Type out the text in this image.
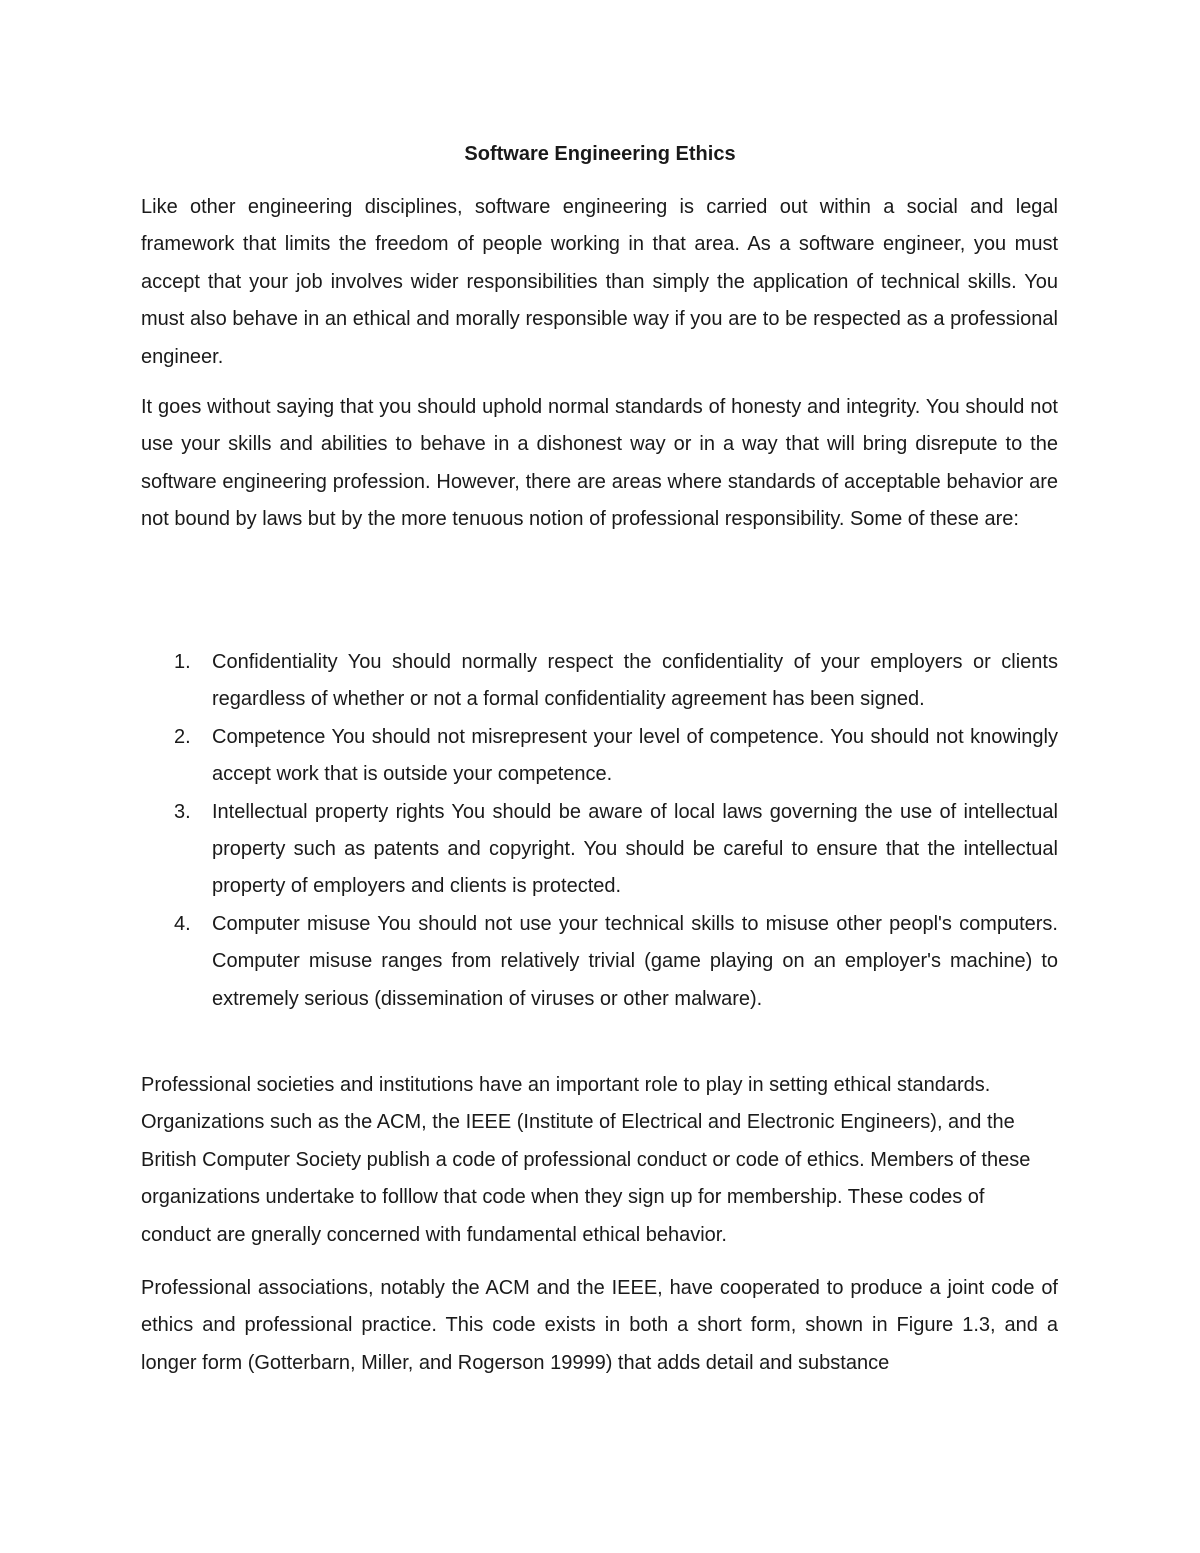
Software Engineering Ethics

Like other engineering disciplines, software engineering is carried out within a social and legal framework that limits the freedom of people working in that area. As a software engineer, you must accept that your job involves wider responsibilities than simply the application of technical skills. You must also behave in an ethical and morally responsible way if you are to be respected as a professional engineer.

It goes without saying that you should uphold normal standards of honesty and integrity. You should not use your skills and abilities to behave in a dishonest way or in a way that will bring disrepute to the software engineering profession. However, there are areas where standards of acceptable behavior are not bound by laws but by the more tenuous notion of professional responsibility. Some of these are:

1. Confidentiality You should normally respect the confidentiality of your employers or clients regardless of whether or not a formal confidentiality agreement has been signed.
2. Competence You should not misrepresent your level of competence. You should not knowingly accept work that is outside your competence.
3. Intellectual property rights You should be aware of local laws governing the use of intellectual property such as patents and copyright. You should be careful to ensure that the intellectual property of employers and clients is protected.
4. Computer misuse You should not use your technical skills to misuse other peopl's computers. Computer misuse ranges from relatively trivial (game playing on an employer's machine) to extremely serious (dissemination of viruses or other malware).

Professional societies and institutions have an important role to play in setting ethical standards. Organizations such as the ACM, the IEEE (Institute of Electrical and Electronic Engineers), and the British Computer Society publish a code of professional conduct or code of ethics. Members of these organizations undertake to folllow that code when they sign up for membership. These codes of conduct are gnerally concerned with fundamental ethical behavior.

Professional associations, notably the ACM and the IEEE, have cooperated to produce a joint code of ethics and professional practice. This code exists in both a short form, shown in Figure 1.3, and a longer form (Gotterbarn, Miller, and Rogerson 19999) that adds detail and substance
